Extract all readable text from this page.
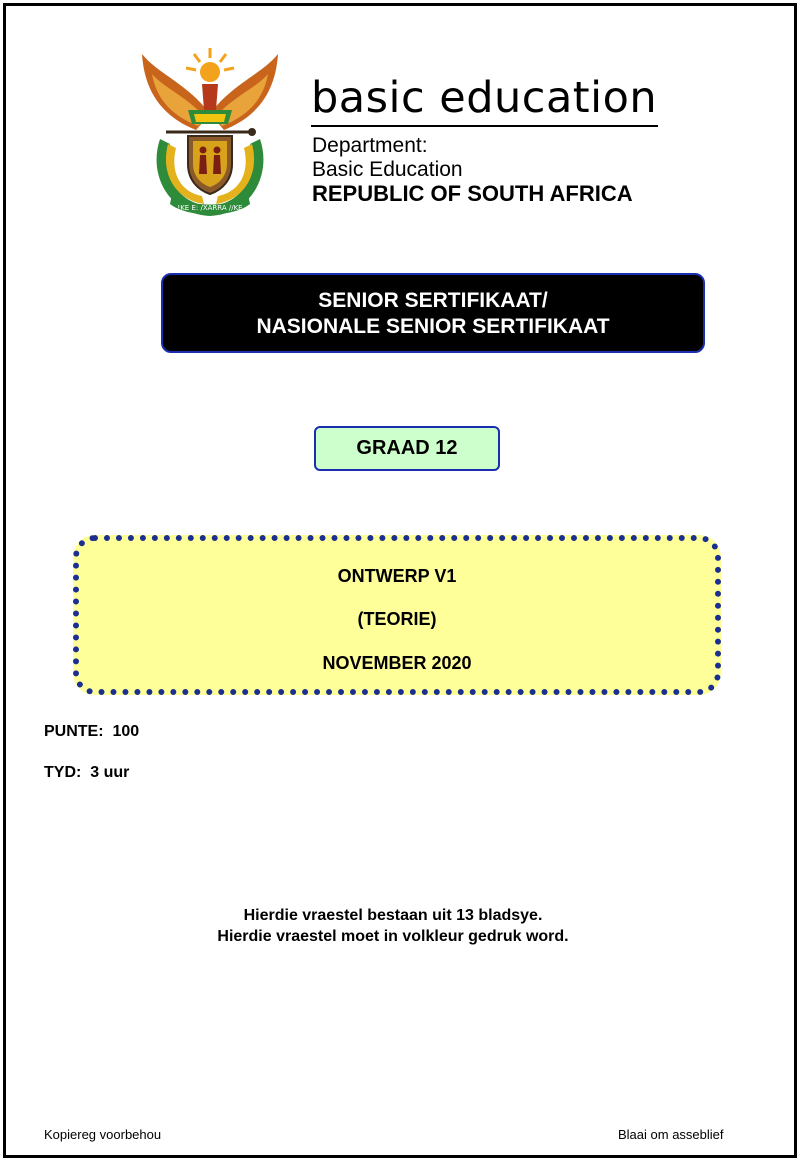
!KE E: /XARRA //KE
basic education
Department:
Basic Education
REPUBLIC OF SOUTH AFRICA
SENIOR SERTIFIKAAT/
NASIONALE SENIOR SERTIFIKAAT
GRAAD 12
ONTWERP V1
(TEORIE)
NOVEMBER 2020
PUNTE:  100
TYD:  3 uur
Hierdie vraestel bestaan uit 13 bladsye.
Hierdie vraestel moet in volkleur gedruk word.
Kopiereg voorbehou	Blaai om asseblief
